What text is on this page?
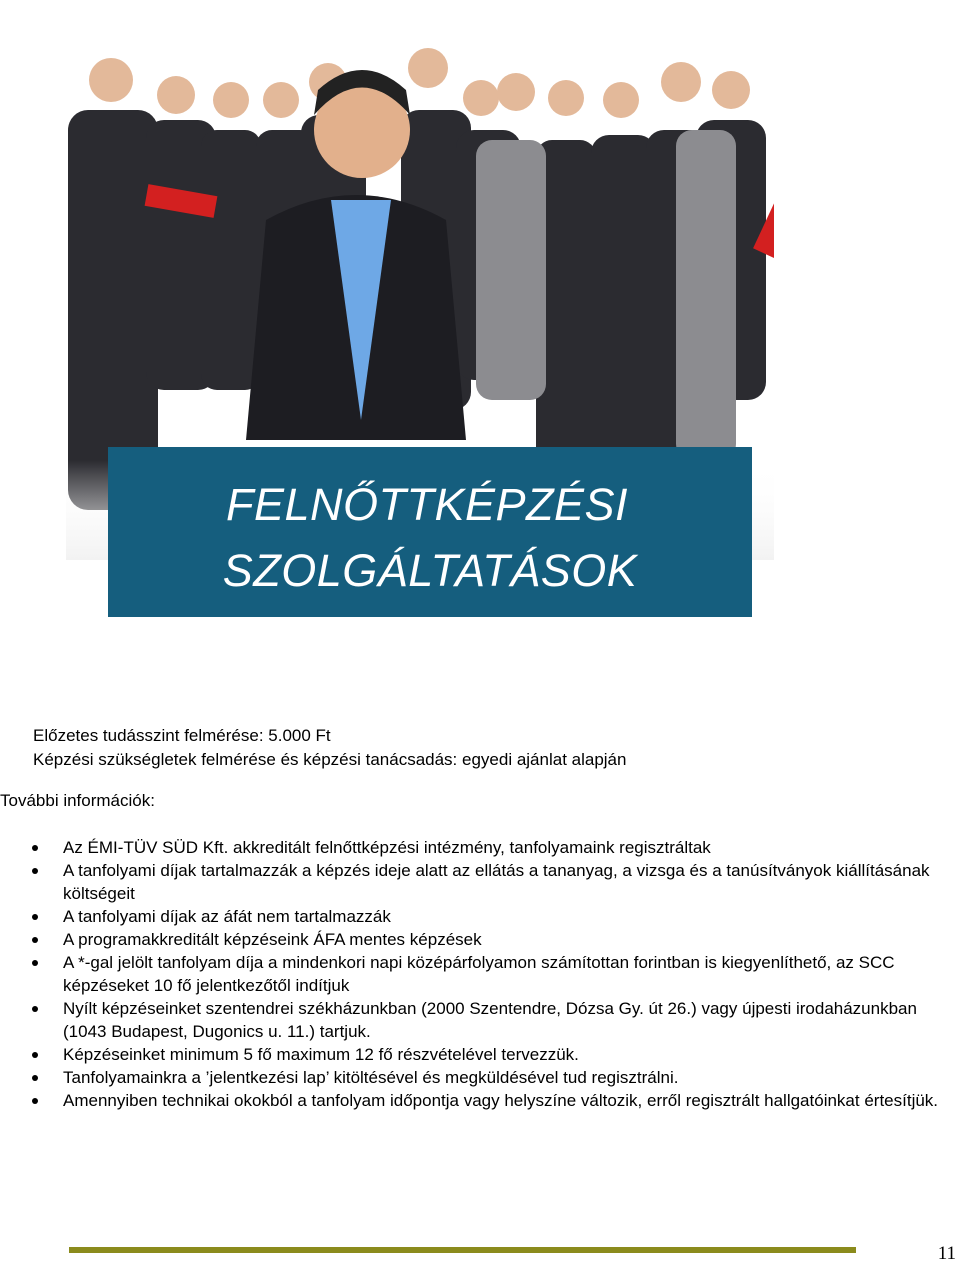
FELNŐTTKÉPZÉSI
SZOLGÁLTATÁSOK
Előzetes tudásszint felmérése: 5.000 Ft
Képzési szükségletek felmérése és képzési tanácsadás: egyedi ajánlat alapján
További információk:
Az ÉMI-TÜV SÜD Kft. akkreditált felnőttképzési intézmény, tanfolyamaink regisztráltak
A tanfolyami díjak tartalmazzák a képzés ideje alatt az ellátás a tananyag, a vizsga és a tanúsítványok kiállításának költségeit
A tanfolyami díjak az áfát nem tartalmazzák
A programakkreditált képzéseink ÁFA mentes képzések
A *-gal jelölt tanfolyam díja a mindenkori napi középárfolyamon számítottan forintban is kiegyenlíthető, az SCC képzéseket 10 fő jelentkezőtől indítjuk
Nyílt képzéseinket szentendrei székházunkban (2000 Szentendre, Dózsa Gy. út 26.) vagy újpesti irodaházunkban (1043 Budapest, Dugonics u. 11.) tartjuk.
Képzéseinket minimum 5 fő maximum 12 fő részvételével tervezzük.
Tanfolyamainkra a ’jelentkezési lap’ kitöltésével és megküldésével tud regisztrálni.
Amennyiben technikai okokból a tanfolyam időpontja vagy helyszíne változik, erről regisztrált hallgatóinkat értesítjük.
11
